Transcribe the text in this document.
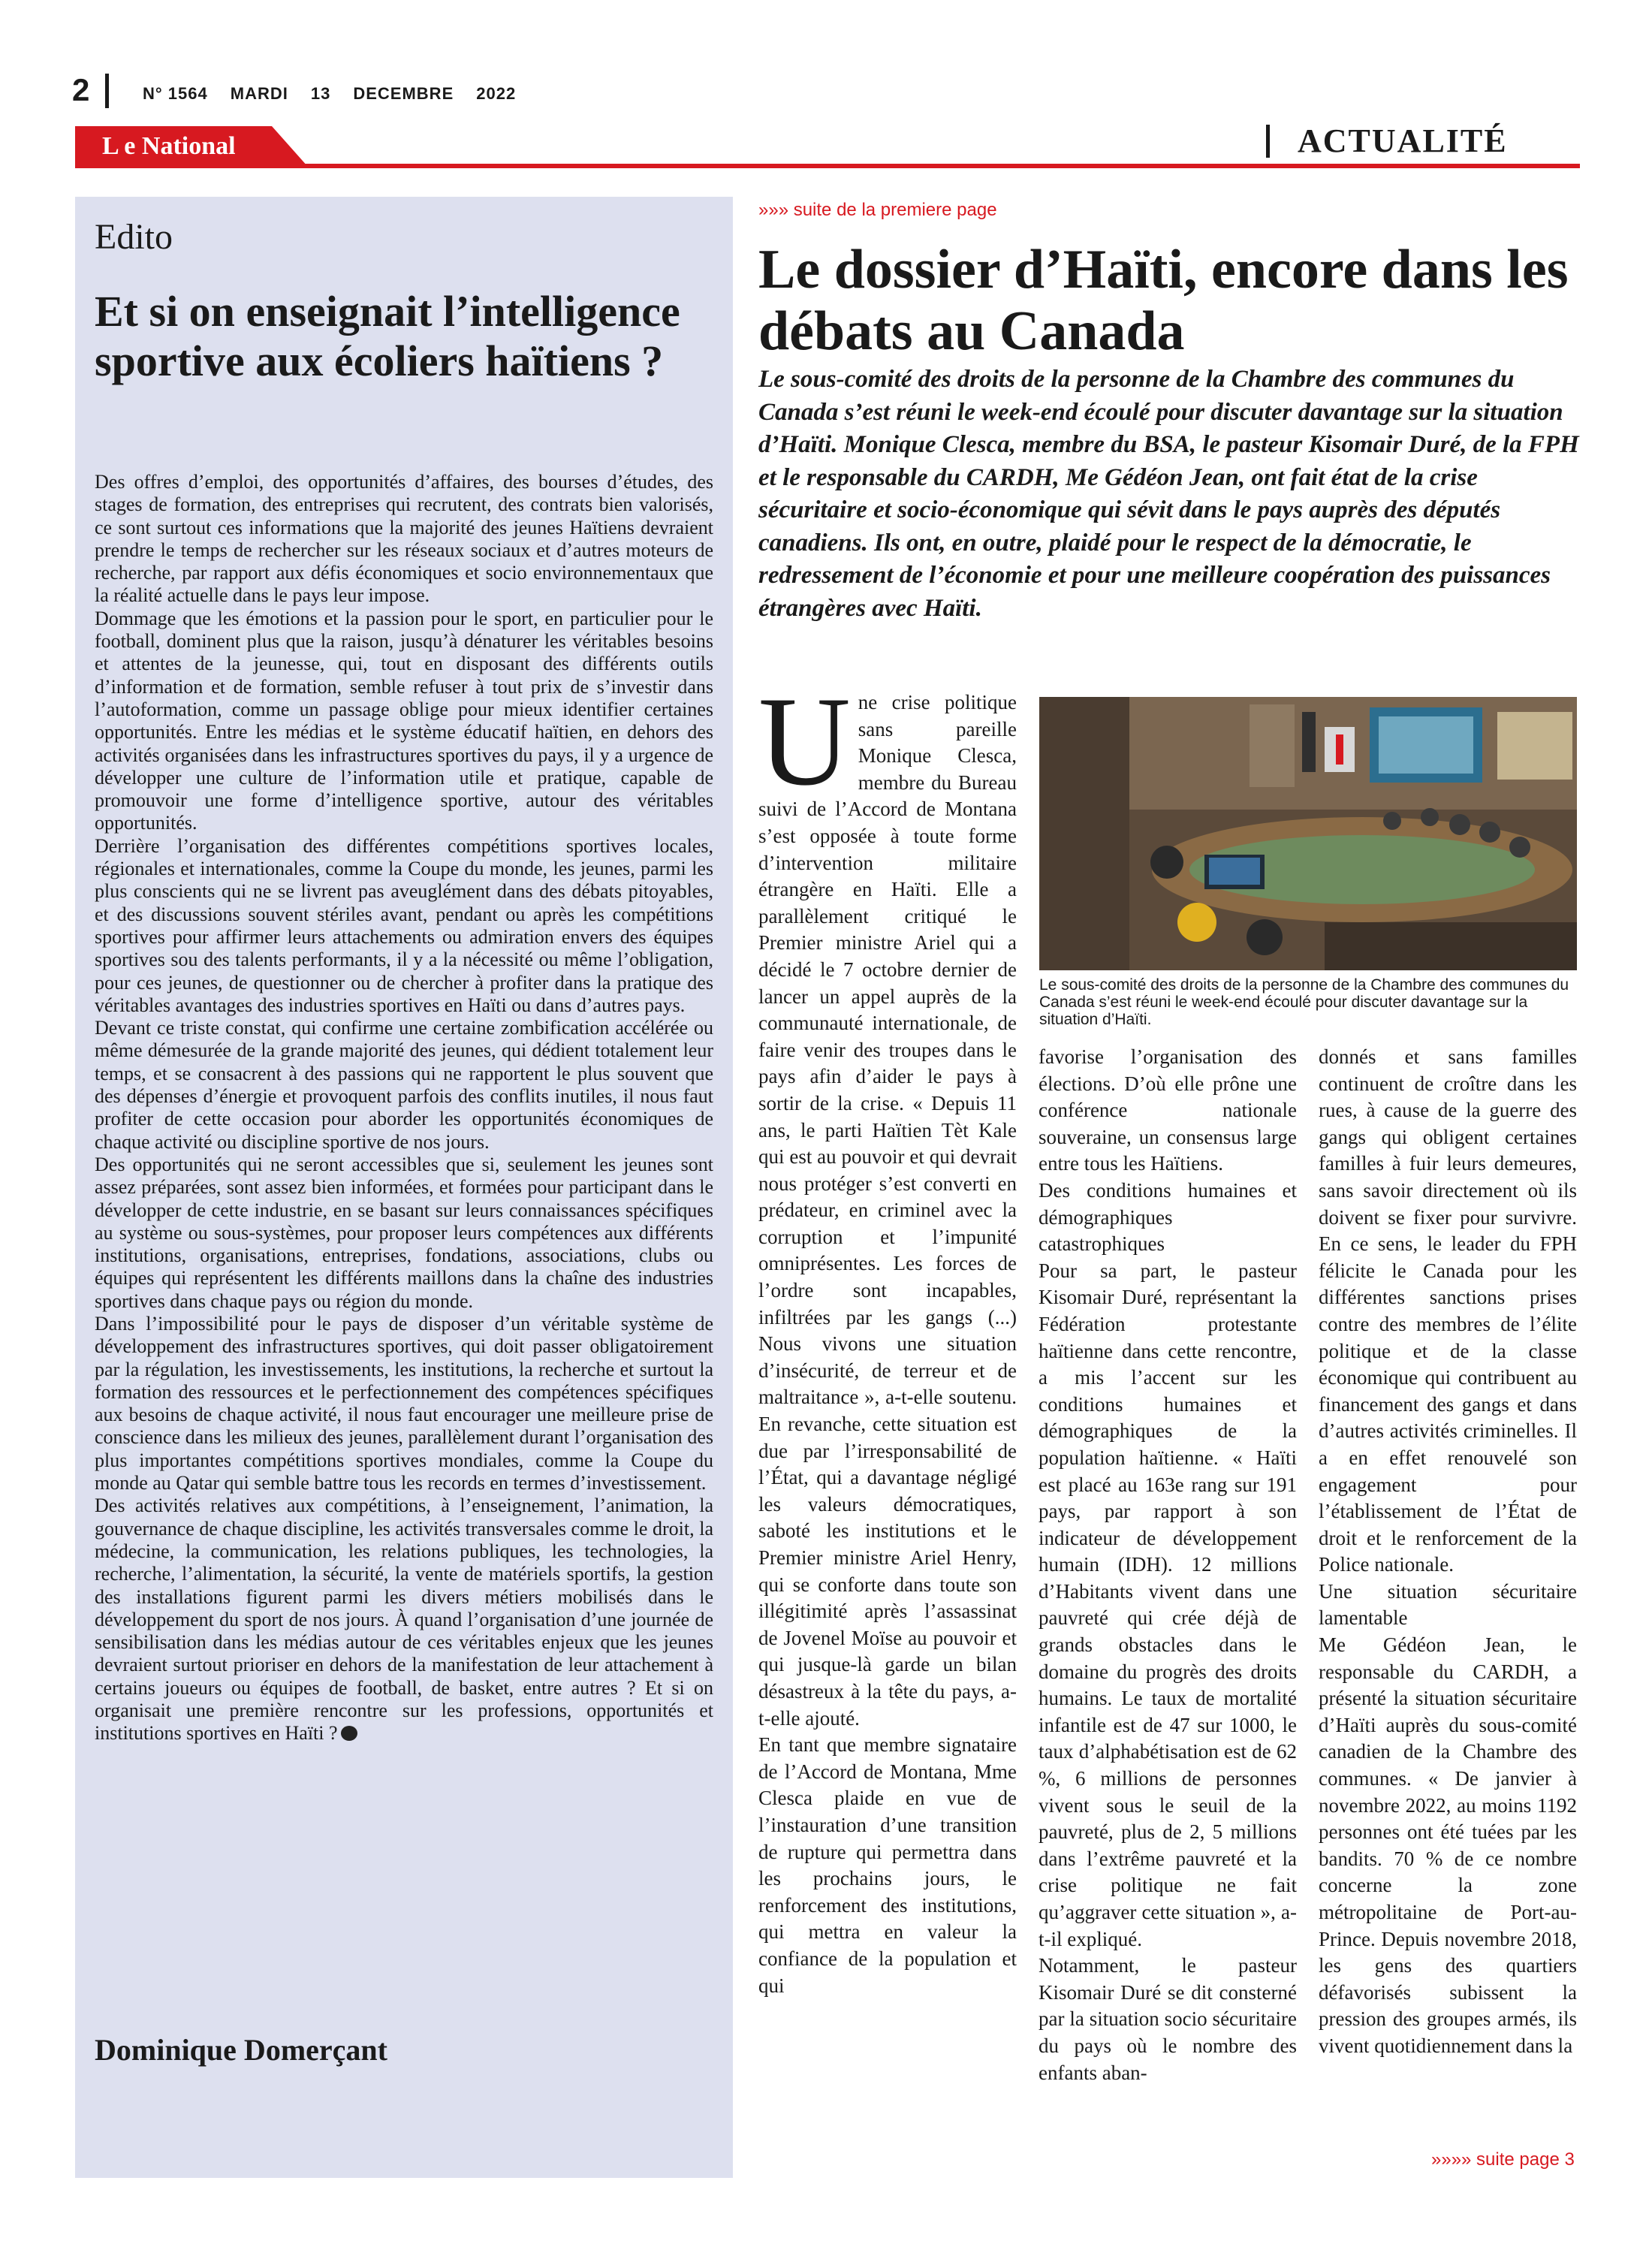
2	N° 1564 MARDI 13 DECEMBRE 2022
L e National	ACTUALITÉ
Edito
Et si on enseignait l’intelligence sportive aux écoliers haïtiens ?

Des offres d’emploi, des opportunités d’affaires, des bourses d’études, des stages de formation, des entreprises qui recrutent, des contrats bien valorisés, ce sont surtout ces informations que la majorité des jeunes Haïtiens devraient prendre le temps de rechercher sur les réseaux sociaux et d’autres moteurs de recherche, par rapport aux défis économiques et socio environnementaux que la réalité actuelle dans le pays leur impose.

Dommage que les émotions et la passion pour le sport, en particulier pour le football, dominent plus que la raison, jusqu’à dénaturer les véritables besoins et attentes de la jeunesse, qui, tout en disposant des différents outils d’information et de formation, semble refuser à tout prix de s’investir dans l’autoformation, comme un passage oblige pour mieux identifier certaines opportunités. Entre les médias et le système éducatif haïtien, en dehors des activités organisées dans les infrastructures sportives du pays, il y a urgence de développer une culture de l’information utile et pratique, capable de promouvoir une forme d’intelligence sportive, autour des véritables opportunités.

Derrière l’organisation des différentes compétitions sportives locales, régionales et internationales, comme la Coupe du monde, les jeunes, parmi les plus conscients qui ne se livrent pas aveuglément dans des débats pitoyables, et des discussions souvent stériles avant, pendant ou après les compétitions sportives pour affirmer leurs attachements ou admiration envers des équipes sportives sou des talents performants, il y a la nécessité ou même l’obligation, pour ces jeunes, de questionner ou de chercher à profiter dans la pratique des véritables avantages des industries sportives en Haïti ou dans d’autres pays.

Devant ce triste constat, qui confirme une certaine zombification accélérée ou même démesurée de la grande majorité des jeunes, qui dédient totalement leur temps, et se consacrent à des passions qui ne rapportent le plus souvent que des dépenses d’énergie et provoquent parfois des conflits inutiles, il nous faut profiter de cette occasion pour aborder les opportunités économiques de chaque activité ou discipline sportive de nos jours.

Des opportunités qui ne seront accessibles que si, seulement les jeunes sont assez préparées, sont assez bien informées, et formées pour participant dans le développer de cette industrie, en se basant sur leurs connaissances spécifiques au système ou sous-systèmes, pour proposer leurs compétences aux différents institutions, organisations, entreprises, fondations, associations, clubs ou équipes qui représentent les différents maillons dans la chaîne des industries sportives dans chaque pays ou région du monde.

Dans l’impossibilité pour le pays de disposer d’un véritable système de développement des infrastructures sportives, qui doit passer obligatoirement par la régulation, les investissements, les institutions, la recherche et surtout la formation des ressources et le perfectionnement des compétences spécifiques aux besoins de chaque activité, il nous faut encourager une meilleure prise de conscience dans les milieux des jeunes, parallèlement durant l’organisation des plus importantes compétitions sportives mondiales, comme la Coupe du monde au Qatar qui semble battre tous les records en termes d’investissement.

Des activités relatives aux compétitions, à l’enseignement, l’animation, la gouvernance de chaque discipline, les activités transversales comme le droit, la médecine, la communication, les relations publiques, les technologies, la recherche, l’alimentation, la sécurité, la vente de matériels sportifs, la gestion des installations figurent parmi les divers métiers mobilisés dans le développement du sport de nos jours. À quand l’organisation d’une journée de sensibilisation dans les médias autour de ces véritables enjeux que les jeunes devraient surtout prioriser en dehors de la manifestation de leur attachement à certains joueurs ou équipes de football, de basket, entre autres ? Et si on organisait une première rencontre sur les professions, opportunités et institutions sportives en Haïti ?

Dominique Domerçant
»»» suite de la premiere page
Le dossier d’Haïti, encore dans les débats au Canada
Le sous-comité des droits de la personne de la Chambre des communes du Canada s’est réuni le week-end écoulé pour discuter davantage sur la situation d’Haïti. Monique Clesca, membre du BSA, le pasteur Kisomair Duré, de la FPH et le responsable du CARDH, Me Gédéon Jean, ont fait état de la crise sécuritaire et socio-économique qui sévit dans le pays auprès des députés canadiens. Ils ont, en outre, plaidé pour le respect de la démocratie, le redressement de l’économie et pour une meilleure coopération des puissances étrangères avec Haïti.

Une crise politique sans pareille Monique Clesca, membre du Bureau suivi de l’Accord de Montana s’est opposée à toute forme d’intervention militaire étrangère en Haïti. Elle a parallèlement critiqué le Premier ministre Ariel qui a décidé le 7 octobre dernier de lancer un appel auprès de la communauté internationale, de faire venir des troupes dans le pays afin d’aider le pays à sortir de la crise. « Depuis 11 ans, le parti Haïtien Tèt Kale qui est au pouvoir et qui devrait nous protéger s’est converti en prédateur, en criminel avec la corruption et l’impunité omniprésentes. Les forces de l’ordre sont incapables, infiltrées par les gangs (...) Nous vivons une situation d’insécurité, de terreur et de maltraitance », a-t-elle soutenu. En revanche, cette situation est due par l’irresponsabilité de l’État, qui a davantage négligé les valeurs démocratiques, saboté les institutions et le Premier ministre Ariel Henry, qui se conforte dans toute son illégitimité après l’assassinat de Jovenel Moïse au pouvoir et qui jusque-là garde un bilan désastreux à la tête du pays, a-t-elle ajouté.

En tant que membre signataire de l’Accord de Montana, Mme Clesca plaide en vue de l’instauration d’une transition de rupture qui permettra dans les prochains jours, le renforcement des institutions, qui mettra en valeur la confiance de la population et qui

Le sous-comité des droits de la personne de la Chambre des communes du Canada s’est réuni le week-end écoulé pour discuter davantage sur la situation d’Haïti.

favorise l’organisation des élections. D’où elle prône une conférence nationale souveraine, un consensus large entre tous les Haïtiens.

Des conditions humaines et démographiques catastrophiques

Pour sa part, le pasteur Kisomair Duré, représentant la Fédération protestante haïtienne dans cette rencontre, a mis l’accent sur les conditions humaines et démographiques de la population haïtienne. « Haïti est placé au 163e rang sur 191 pays, par rapport à son indicateur de développement humain (IDH). 12 millions d’Habitants vivent dans une pauvreté qui crée déjà de grands obstacles dans le domaine du progrès des droits humains. Le taux de mortalité infantile est de 47 sur 1000, le taux d’alphabétisation est de 62 %, 6 millions de personnes vivent sous le seuil de la pauvreté, plus de 2, 5 millions dans l’extrême pauvreté et la crise politique ne fait qu’aggraver cette situation », a-t-il expliqué.

Notamment, le pasteur Kisomair Duré se dit consterné par la situation socio sécuritaire du pays où le nombre des enfants aban-

donnés et sans familles continuent de croître dans les rues, à cause de la guerre des gangs qui obligent certaines familles à fuir leurs demeures, sans savoir directement où ils doivent se fixer pour survivre. En ce sens, le leader du FPH félicite le Canada pour les différentes sanctions prises contre des membres de l’élite politique et de la classe économique qui contribuent au financement des gangs et dans d’autres activités criminelles. Il a en effet renouvelé son engagement pour l’établissement de l’État de droit et le renforcement de la Police nationale.

Une situation sécuritaire lamentable

Me Gédéon Jean, le responsable du CARDH, a présenté la situation sécuritaire d’Haïti auprès du sous-comité canadien de la Chambre des communes. « De janvier à novembre 2022, au moins 1192 personnes ont été tuées par les bandits. 70 % de ce nombre concerne la zone métropolitaine de Port-au-Prince. Depuis novembre 2018, les gens des quartiers défavorisés subissent la pression des groupes armés, ils vivent quotidiennement dans la

»»»» suite page 3
